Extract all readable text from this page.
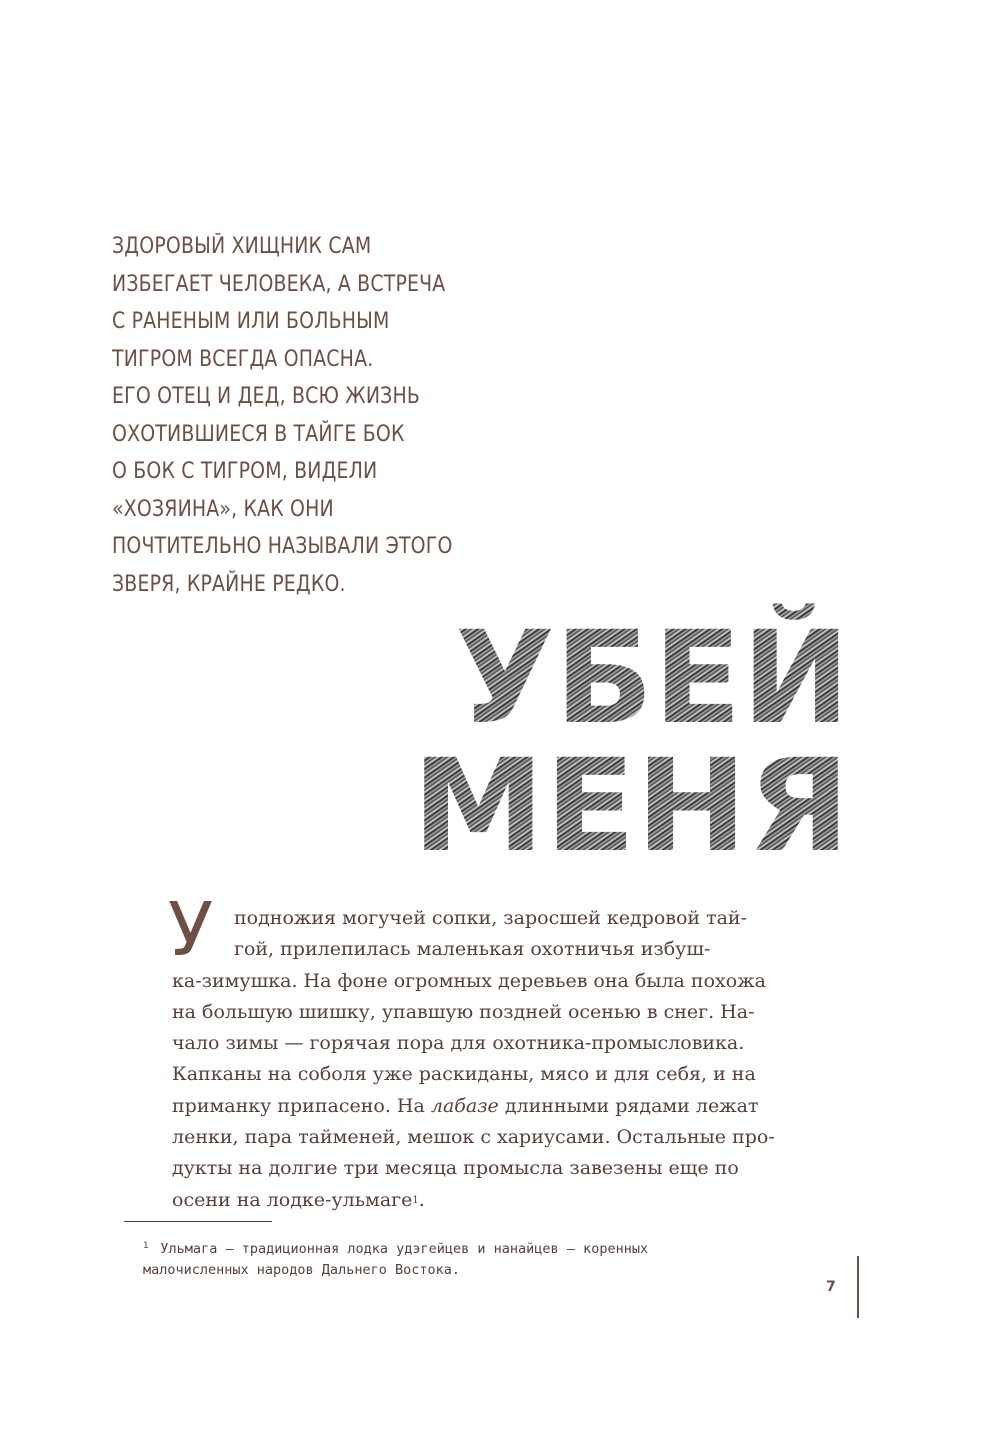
ЗДОРОВЫЙ ХИЩНИК САМ
ИЗБЕГАЕТ ЧЕЛОВЕКА, А ВСТРЕЧА
С РАНЕНЫМ ИЛИ БОЛЬНЫМ
ТИГРОМ ВСЕГДА ОПАСНА.
ЕГО ОТЕЦ И ДЕД, ВСЮ ЖИЗНЬ
ОХОТИВШИЕСЯ В ТАЙГЕ БОК
О БОК С ТИГРОМ, ВИДЕЛИ
«ХОЗЯИНА», КАК ОНИ
ПОЧТИТЕЛЬНО НАЗЫВАЛИ ЭТОГО
ЗВЕРЯ, КРАЙНЕ РЕДКО.
УБЕЙ
МЕНЯ
У подножия могучей сопки, заросшей кедровой тай-
гой, прилепилась маленькая охотничья избуш-
ка-зимушка. На фоне огромных деревьев она была похожа
на большую шишку, упавшую поздней осенью в снег. На-
чало зимы — горячая пора для охотника-промысловика.
Капканы на соболя уже раскиданы, мясо и для себя, и на
приманку припасено. На лабазе длинными рядами лежат
ленки, пара тайменей, мешок с хариусами. Остальные про-
дукты на долгие три месяца промысла завезены еще по
осени на лодке-ульмаге 1 .
$^1$ Ульмага — традиционная лодка удэгейцев и нанайцев — коренных
малочисленных народов Дальнего Востока.
7
